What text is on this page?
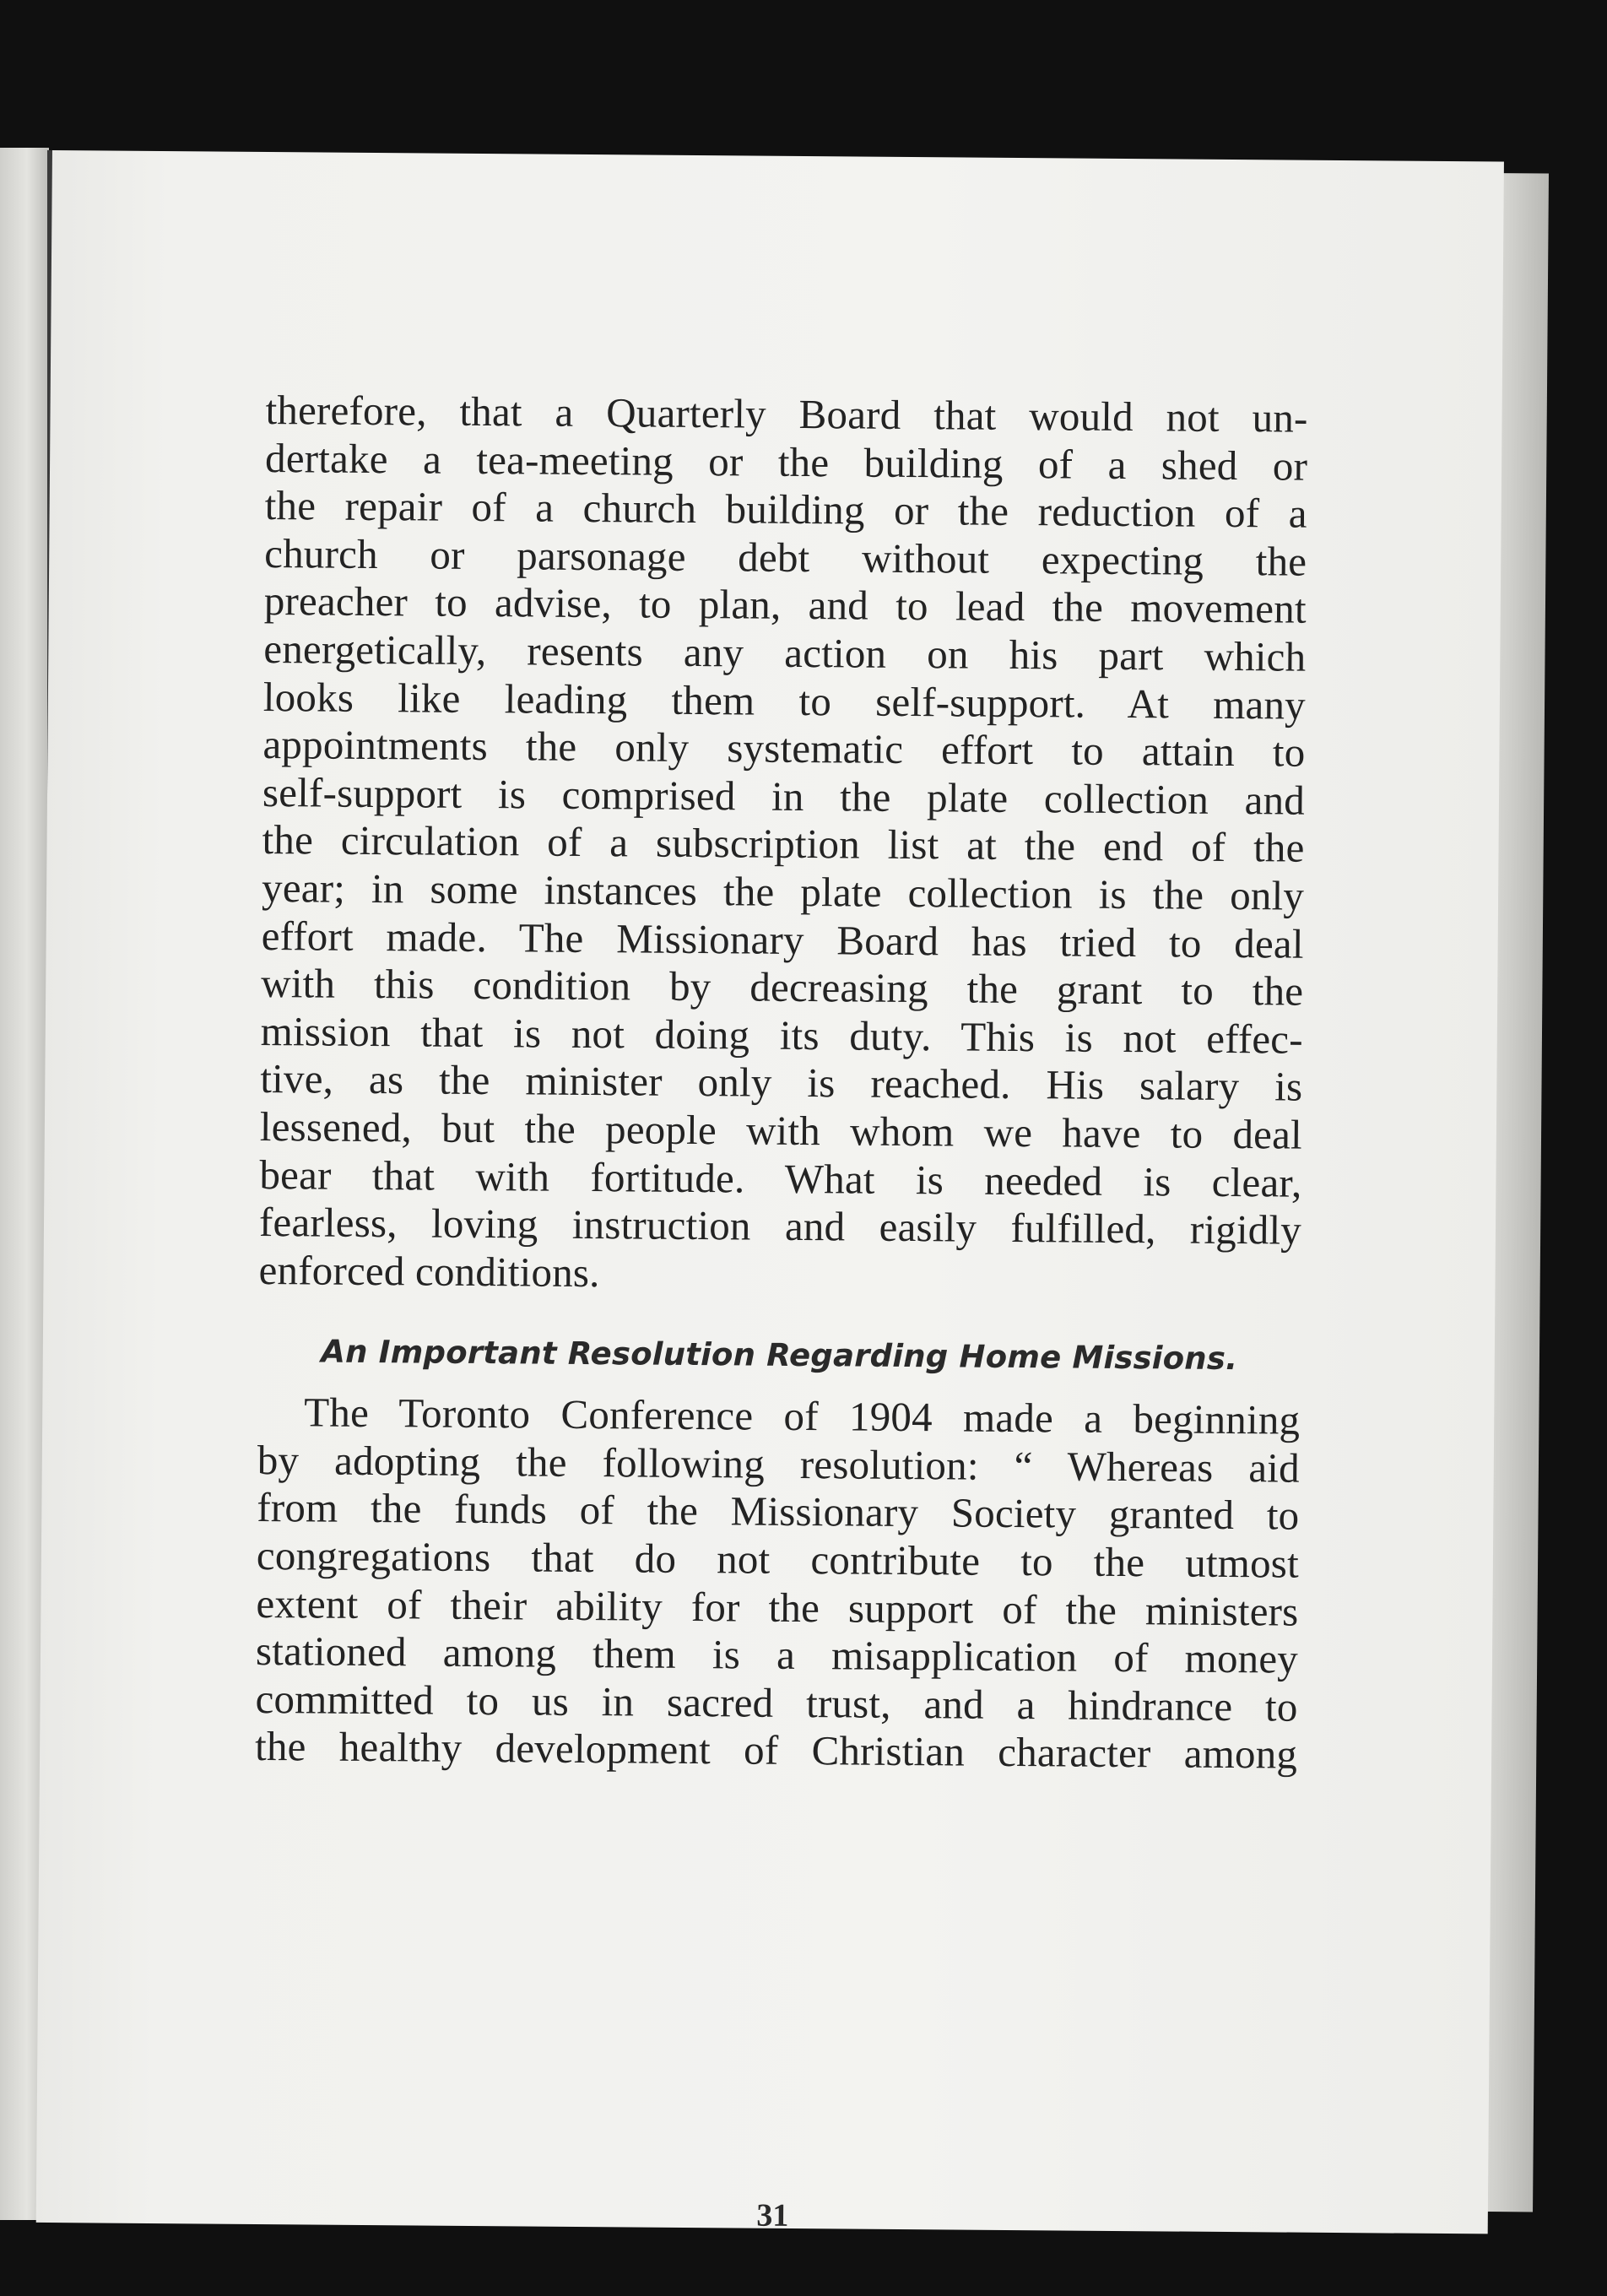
therefore, that a Quarterly Board that would not un-
dertake a tea-meeting or the building of a shed or
the repair of a church building or the reduction of a
church or parsonage debt without expecting the
preacher to advise, to plan, and to lead the movement
energetically, resents any action on his part which
looks like leading them to self-support. At many
appointments the only systematic effort to attain to
self-support is comprised in the plate collection and
the circulation of a subscription list at the end of the
year; in some instances the plate collection is the only
effort made. The Missionary Board has tried to deal
with this condition by decreasing the grant to the
mission that is not doing its duty. This is not effec-
tive, as the minister only is reached. His salary is
lessened, but the people with whom we have to deal
bear that with fortitude. What is needed is clear,
fearless, loving instruction and easily fulfilled, rigidly
enforced conditions.
An Important Resolution Regarding Home Missions.
The Toronto Conference of 1904 made a beginning
by adopting the following resolution: “ Whereas aid
from the funds of the Missionary Society granted to
congregations that do not contribute to the utmost
extent of their ability for the support of the ministers
stationed among them is a misapplication of money
committed to us in sacred trust, and a hindrance to
the healthy development of Christian character among
31
